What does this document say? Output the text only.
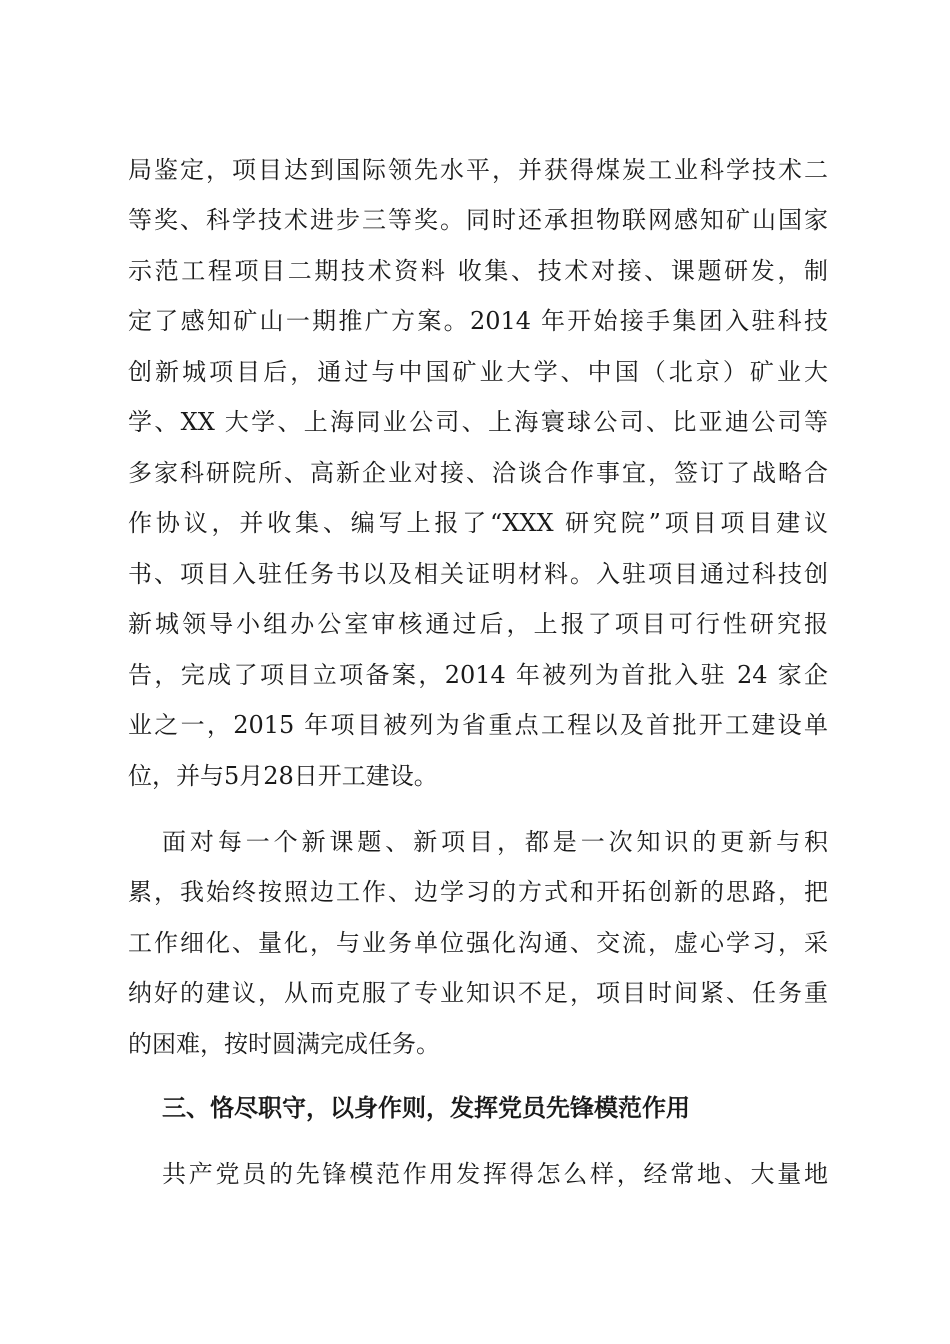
局鉴定，项目达到国际领先水平，并获得煤炭工业科学技术二
等奖、科学技术进步三等奖。同时还承担物联网感知矿山国家
示范工程项目二期技术资料 收集、技术对接、课题研发，制
定了感知矿山一期推广方案。2014 年开始接手集团入驻科技
创新城项目后，通过与中国矿业大学、中国（北京）矿业大
学、XX 大学、上海同业公司、上海寰球公司、比亚迪公司等
多家科研院所、高新企业对接、洽谈合作事宜，签订了战略合
作协议，并收集、编写上报了“XXX 研究院”项目项目建议
书、项目入驻任务书以及相关证明材料。入驻项目通过科技创
新城领导小组办公室审核通过后，上报了项目可行性研究报
告，完成了项目立项备案，2014 年被列为首批入驻 24 家企
业之一，2015 年项目被列为省重点工程以及首批开工建设单
位，并与5月28日开工建设。
面对每一个新课题、新项目，都是一次知识的更新与积
累，我始终按照边工作、边学习的方式和开拓创新的思路，把
工作细化、量化，与业务单位强化沟通、交流，虚心学习，采
纳好的建议，从而克服了专业知识不足，项目时间紧、任务重
的困难，按时圆满完成任务。
三、恪尽职守，以身作则，发挥党员先锋模范作用
共产党员的先锋模范作用发挥得怎么样，经常地、大量地
